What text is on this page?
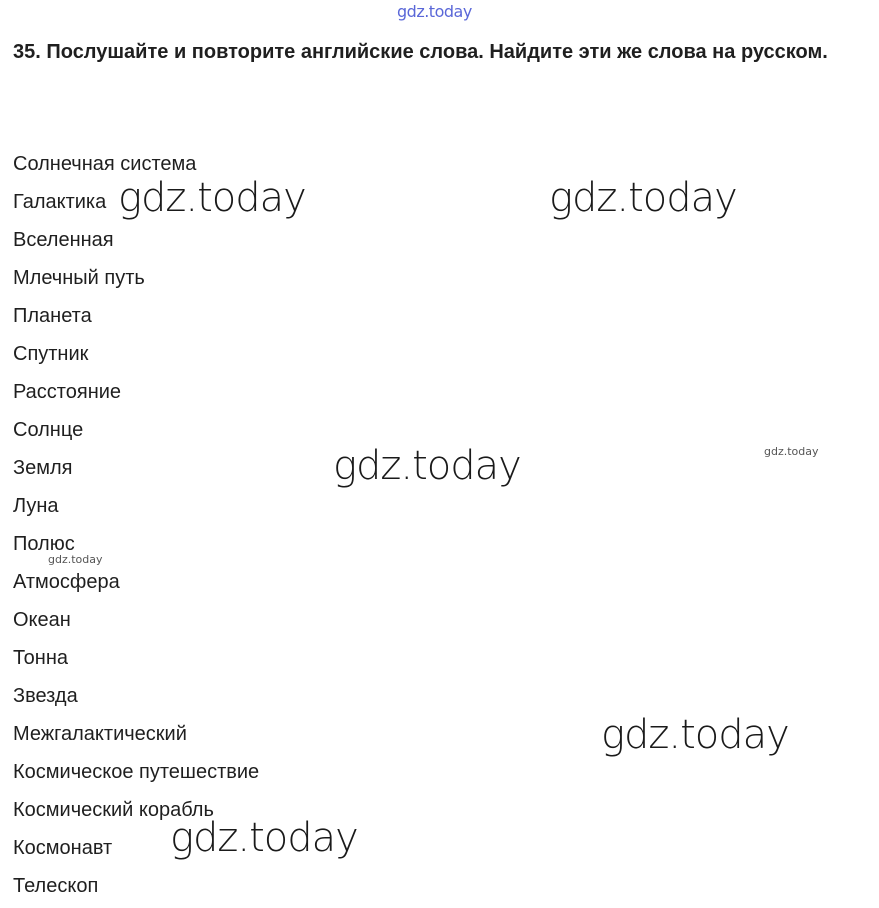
gdz.today
35. Послушайте и повторите английские слова. Найдите эти же слова на русском.
Солнечная система
Галактика
Вселенная
Млечный путь
Планета
Спутник
Расстояние
Солнце
Земля
Луна
Полюс
Атмосфера
Океан
Тонна
Звезда
Межгалактический
Космическое путешествие
Космический корабль
Космонавт
Телескоп
gdz.today	gdz.today
gdz.today	gdz.today
gdz.today
gdz.today
gdz.today
